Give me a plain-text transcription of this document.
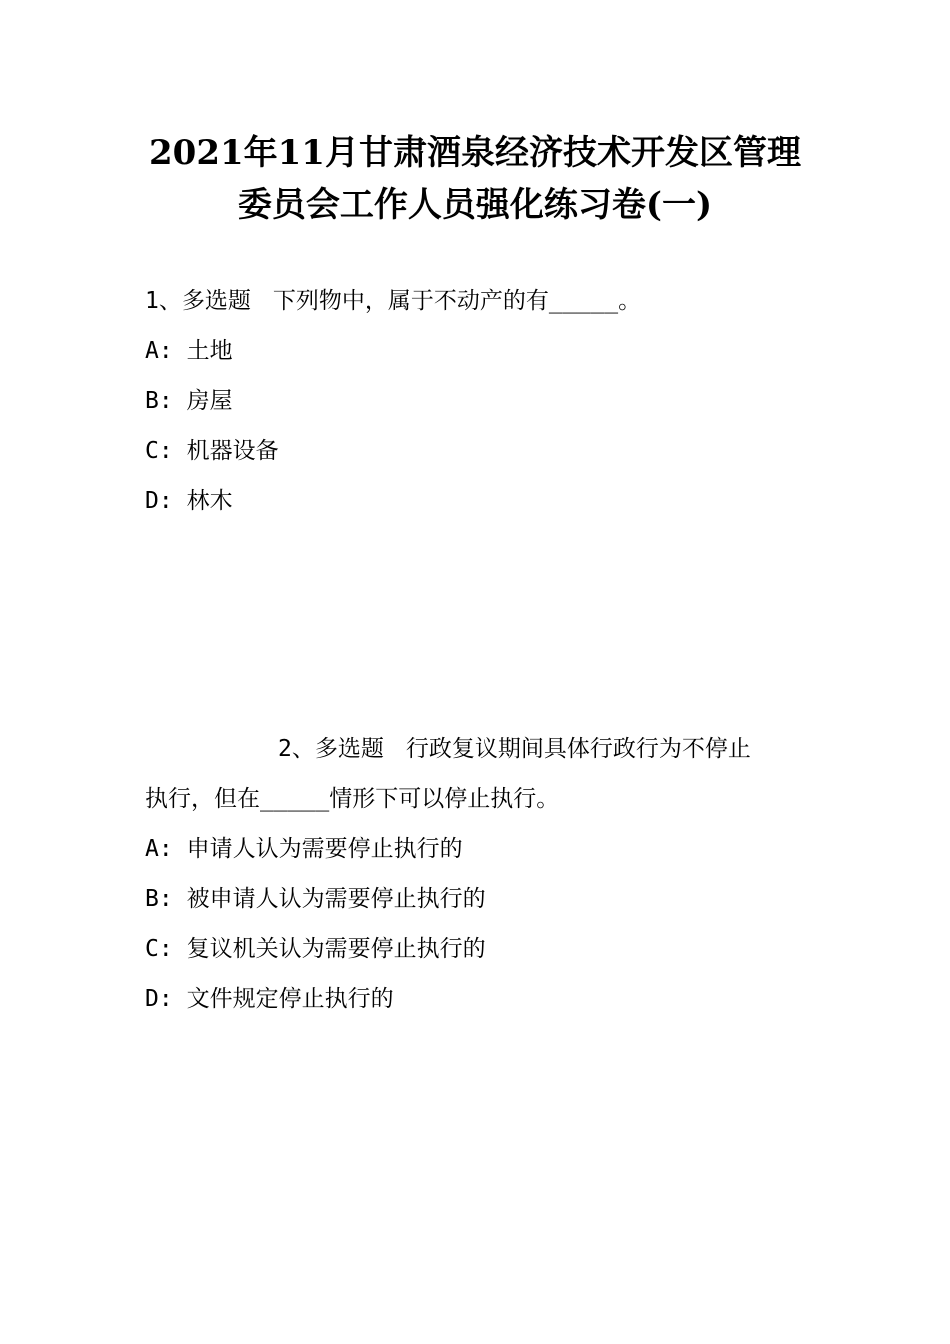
2021年11月甘肃酒泉经济技术开发区管理
委员会工作人员强化练习卷(一)
1、多选题 下列物中，属于不动产的有_____。
A: 土地
B: 房屋
C: 机器设备
D: 林木
2、多选题 行政复议期间具体行政行为不停止
执行，但在_____情形下可以停止执行。
A: 申请人认为需要停止执行的
B: 被申请人认为需要停止执行的
C: 复议机关认为需要停止执行的
D: 文件规定停止执行的
